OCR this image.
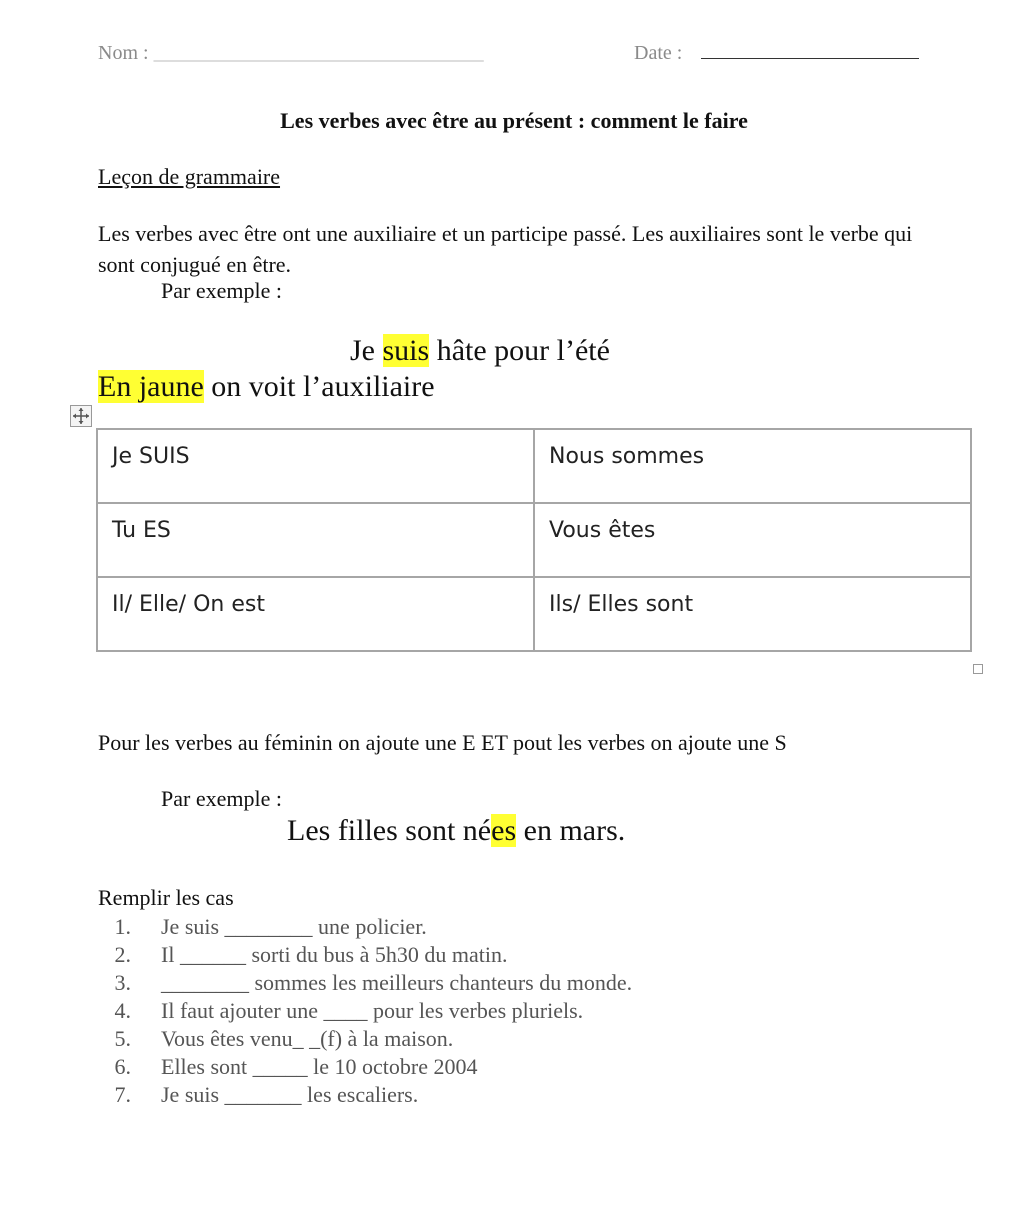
Nom : _________________________________	Date :
Les verbes avec être au présent : comment le faire
Leçon de grammaire
Les verbes avec être ont une auxiliaire et un participe passé. Les auxiliaires sont le verbe qui sont conjugué en être.
Par exemple :
Je suis hâte pour l’été
En jaune on voit l’auxiliaire
Je SUIS	Nous sommes
Tu ES	Vous êtes
Il/ Elle/ On est	Ils/ Elles sont
Pour les verbes au féminin on ajoute une E ET pout les verbes on ajoute une S
Par exemple :
Les filles sont nées en mars.
Remplir les cas
1. Je suis ________ une policier.
2. Il ______ sorti du bus à 5h30 du matin.
3. ________ sommes les meilleurs chanteurs du monde.
4. Il faut ajouter une ____ pour les verbes pluriels.
5. Vous êtes venu_ _(f) à la maison.
6. Elles sont _____ le 10 octobre 2004
7. Je suis _______ les escaliers.
